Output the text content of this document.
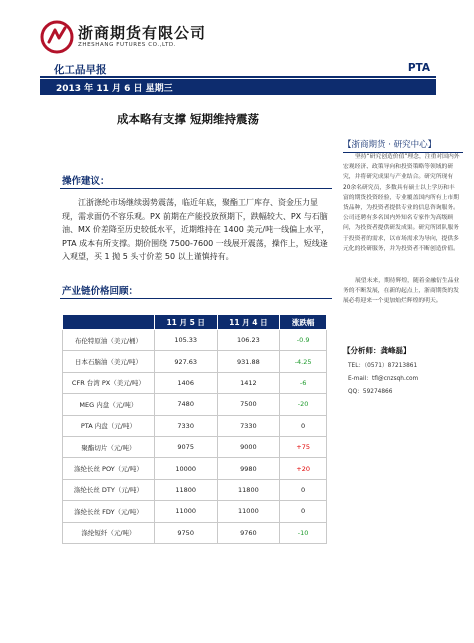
浙商期货有限公司
ZHESHANG FUTURES CO.,LTD.
化工品早报	PTA
2013 年 11 月 6 日 星期三
成本略有支撑 短期维持震荡
【浙商期货 · 研究中心】

坚持“研究创造价值”理念，注重对国内外宏观经济、政策导向和投资策略等领域的研究，并将研究成果与产业结合。研究所现有20余名研究员，多数具有硕士以上学历和丰富的期货投资经验，专业覆盖国内所有上市期货品种，为投资者提供专业的信息咨询服务。公司还聘有多名国内外知名专家作为高级顾问，为投资者提供研发成果。研究所团队服务于投资者的需求，以市场需求为导向，提供多元化的投研服务，并为投资者不断创造价值。

展望未来，期待辉煌，随着金融衍生品业务的不断发展，在新的起点上，浙商期货的发展必将迎来一个更加灿烂辉煌的明天。

【分析师：龚峰磊】
TEL：（0571）87213861
E-mail：tfl@cnzsqh.com
QQ：59274866
操作建议：

江浙涤纶市场继续弱势震荡，临近年底，聚酯工厂库存、资金压力显现，需求面仍不容乐观。PX 前期在产能投放预期下，跌幅较大、PX 与石脑油、MX 价差降至历史较低水平，近期维持在 1400 美元/吨一线偏上水平，PTA 成本有所支撑。期价围绕 7500-7600 一线展开震荡，操作上，短线逢入观望，买 1 抛 5 头寸价差 50 以上谨慎持有。

产业链价格回顾：
	11 月 5 日	11 月 4 日	涨跌幅
布伦特原油（美元/桶）	105.33	106.23	-0.9
日本石脑油（美元/吨）	927.63	931.88	-4.25
CFR 台湾 PX（美元/吨）	1406	1412	-6
MEG 内盘（元/吨）	7480	7500	-20
PTA 内盘（元/吨）	7330	7330	0
聚酯切片（元/吨）	9075	9000	+75
涤纶长丝 POY（元/吨）	10000	9980	+20
涤纶长丝 DTY（元/吨）	11800	11800	0
涤纶长丝 FDY（元/吨）	11000	11000	0
涤纶短纤（元/吨）	9750	9760	-10
